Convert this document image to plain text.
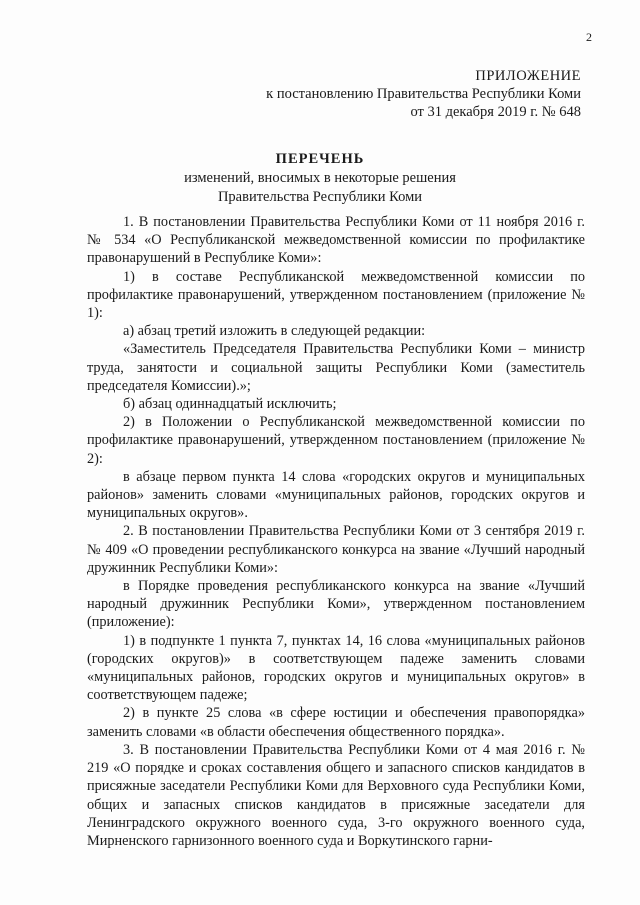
2
ПРИЛОЖЕНИЕ
к постановлению Правительства Республики Коми
от 31 декабря 2019 г. № 648
ПЕРЕЧЕНЬ
изменений, вносимых в некоторые решения
Правительства Республики Коми

1. В постановлении Правительства Республики Коми от 11 ноября 2016 г. № 534 «О Республиканской межведомственной комиссии по профилактике правонарушений в Республике Коми»:

1) в составе Республиканской межведомственной комиссии по профилактике правонарушений, утвержденном постановлением (приложение № 1):

а) абзац третий изложить в следующей редакции:

«Заместитель Председателя Правительства Республики Коми – министр труда, занятости и социальной защиты Республики Коми (заместитель председателя Комиссии).»;

б) абзац одиннадцатый исключить;

2) в Положении о Республиканской межведомственной комиссии по профилактике правонарушений, утвержденном постановлением (приложение № 2):

в абзаце первом пункта 14 слова «городских округов и муниципальных районов» заменить словами «муниципальных районов, городских округов и муниципальных округов».

2. В постановлении Правительства Республики Коми от 3 сентября 2019 г. № 409 «О проведении республиканского конкурса на звание «Лучший народный дружинник Республики Коми»:

в Порядке проведения республиканского конкурса на звание «Лучший народный дружинник Республики Коми», утвержденном постановлением (приложение):

1) в подпункте 1 пункта 7, пунктах 14, 16 слова «муниципальных районов (городских округов)» в соответствующем падеже заменить словами «муниципальных районов, городских округов и муниципальных округов» в соответствующем падеже;

2) в пункте 25 слова «в сфере юстиции и обеспечения правопорядка» заменить словами «в области обеспечения общественного порядка».

3. В постановлении Правительства Республики Коми от 4 мая 2016 г. № 219 «О порядке и сроках составления общего и запасного списков кандидатов в присяжные заседатели Республики Коми для Верховного суда Республики Коми, общих и запасных списков кандидатов в присяжные заседатели для Ленинградского окружного военного суда, 3-го окружного военного суда, Мирненского гарнизонного военного суда и Воркутинского гарни-
